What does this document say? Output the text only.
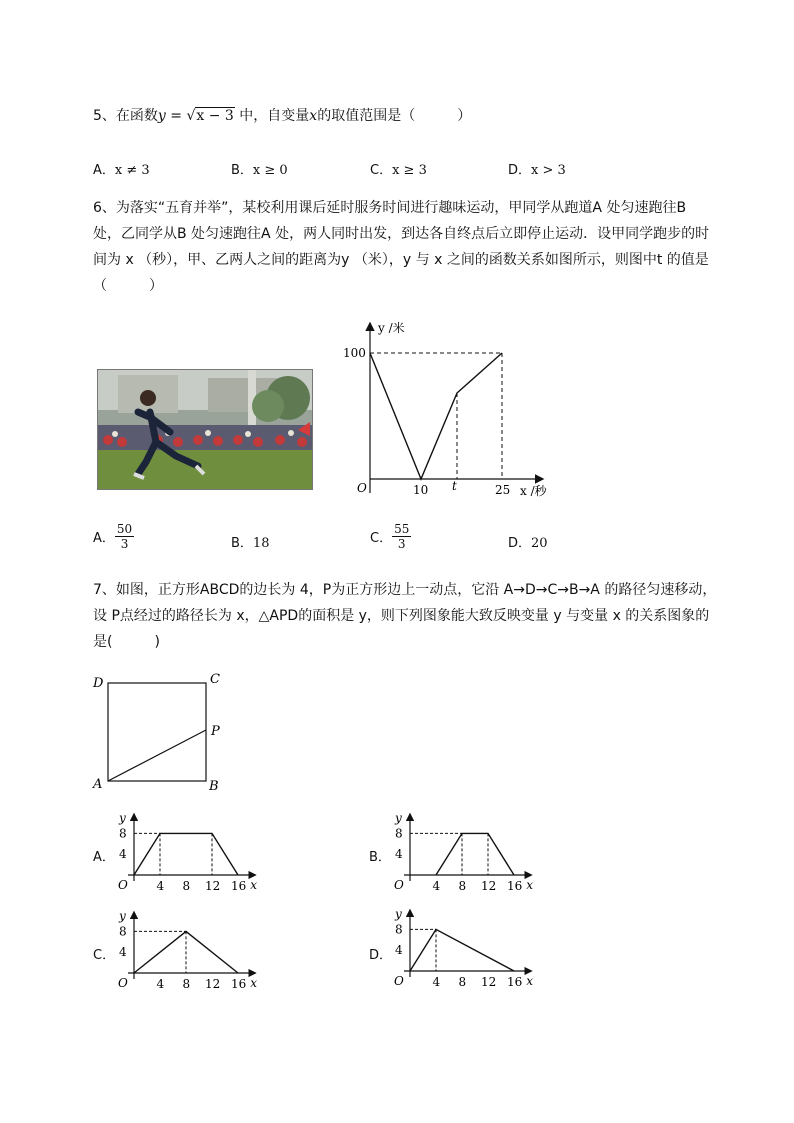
5、在函数y = √x − 3 中，自变量x的取值范围是（　　　）
A．x ≠ 3	B．x ≥ 0	C．x ≥ 3	D．x > 3
6、为落实“五育并举”，某校利用课后延时服务时间进行趣味运动，甲同学从跑道A 处匀速跑往B
处，乙同学从B 处匀速跑往A 处，两人同时出发，到达各自终点后立即停止运动．设甲同学跑步的时
间为 x （秒），甲、乙两人之间的距离为y （米），y 与 x 之间的函数关系如图所示，则图中t 的值是
（　　　）
y /米
100
O	10 t	25 x /秒
A． $\frac{50}{3}$	B．18	C． $\frac{55}{3}$	D．20
7、如图，正方形ABCD的边长为 4，P为正方形边上一动点，它沿 A→D→C→B→A 的路径匀速移动，
设 P点经过的路径长为 x，△APD的面积是 y，则下列图象能大致反映变量 y 与变量 x 的关系图象的
是(　　　)
D	C
P
A	B
A．	B．
C．	D．
y
8
4
O 4 8 12 16 x
y
8
4
O 4 8 12 16 x
y
8
4
O 4 8 12 16 x
y
8
4
O 4 8 12 16 x
